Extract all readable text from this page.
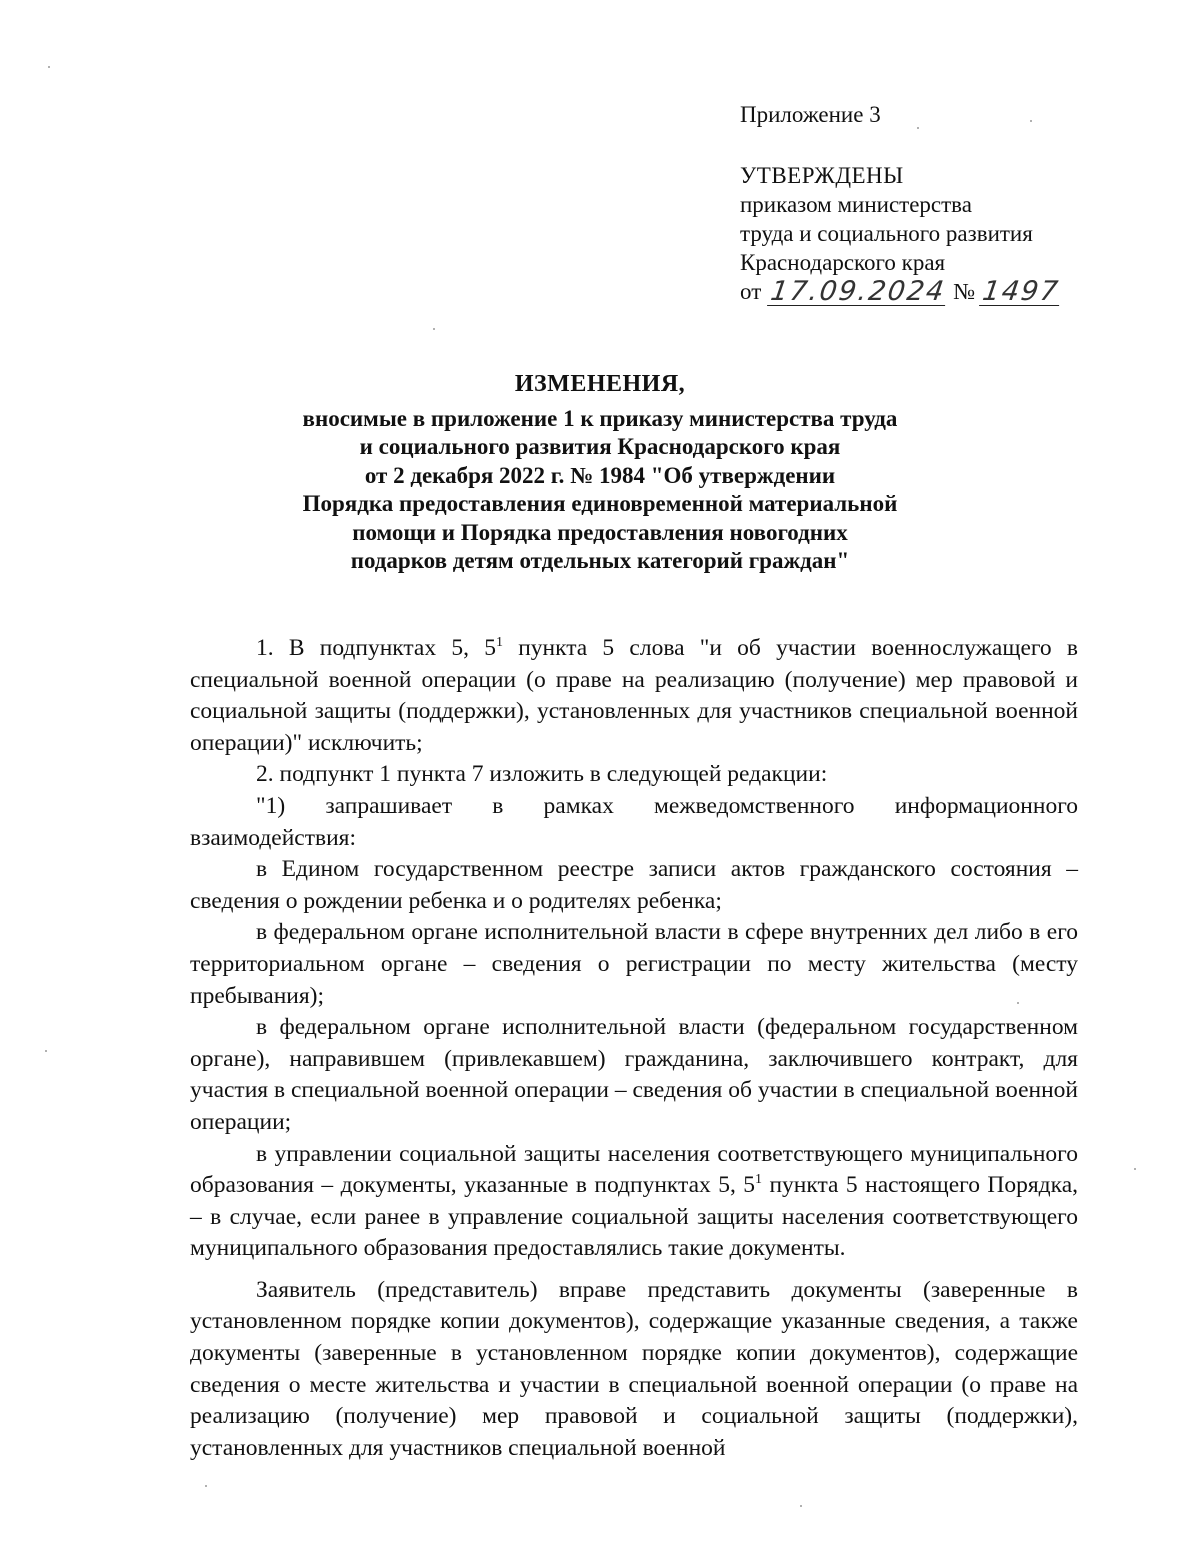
Приложение 3

УТВЕРЖДЕНЫ

приказом министерства

труда и социального развития

Краснодарского края

от 17.09.2024 № 1497

ИЗМЕНЕНИЯ,

вносимые в приложение 1 к приказу министерства труда

и социального развития Краснодарского края

от 2 декабря 2022 г. № 1984 "Об утверждении

Порядка предоставления единовременной материальной

помощи и Порядка предоставления новогодних

подарков детям отдельных категорий граждан"

1. В подпунктах 5, $5^1$ пункта 5 слова "и об участии военнослужащего в специальной военной операции (о праве на реализацию (получение) мер правовой и социальной защиты (поддержки), установленных для участников специальной военной операции)" исключить;

2. подпункт 1 пункта 7 изложить в следующей редакции:

"1) запрашивает в рамках межведомственного информационного взаимодействия:

в Едином государственном реестре записи актов гражданского состояния – сведения о рождении ребенка и о родителях ребенка;

в федеральном органе исполнительной власти в сфере внутренних дел либо в его территориальном органе – сведения о регистрации по месту жительства (месту пребывания);

в федеральном органе исполнительной власти (федеральном государственном органе), направившем (привлекавшем) гражданина, заключившего контракт, для участия в специальной военной операции – сведения об участии в специальной военной операции;

в управлении социальной защиты населения соответствующего муниципального образования – документы, указанные в подпунктах 5, $5^1$ пункта 5 настоящего Порядка, – в случае, если ранее в управление социальной защиты населения соответствующего муниципального образования предоставлялись такие документы.

Заявитель (представитель) вправе представить документы (заверенные в установленном порядке копии документов), содержащие указанные сведения, а также документы (заверенные в установленном порядке копии документов), содержащие сведения о месте жительства и участии в специальной военной операции (о праве на реализацию (получение) мер правовой и социальной защиты (поддержки), установленных для участников специальной военной
